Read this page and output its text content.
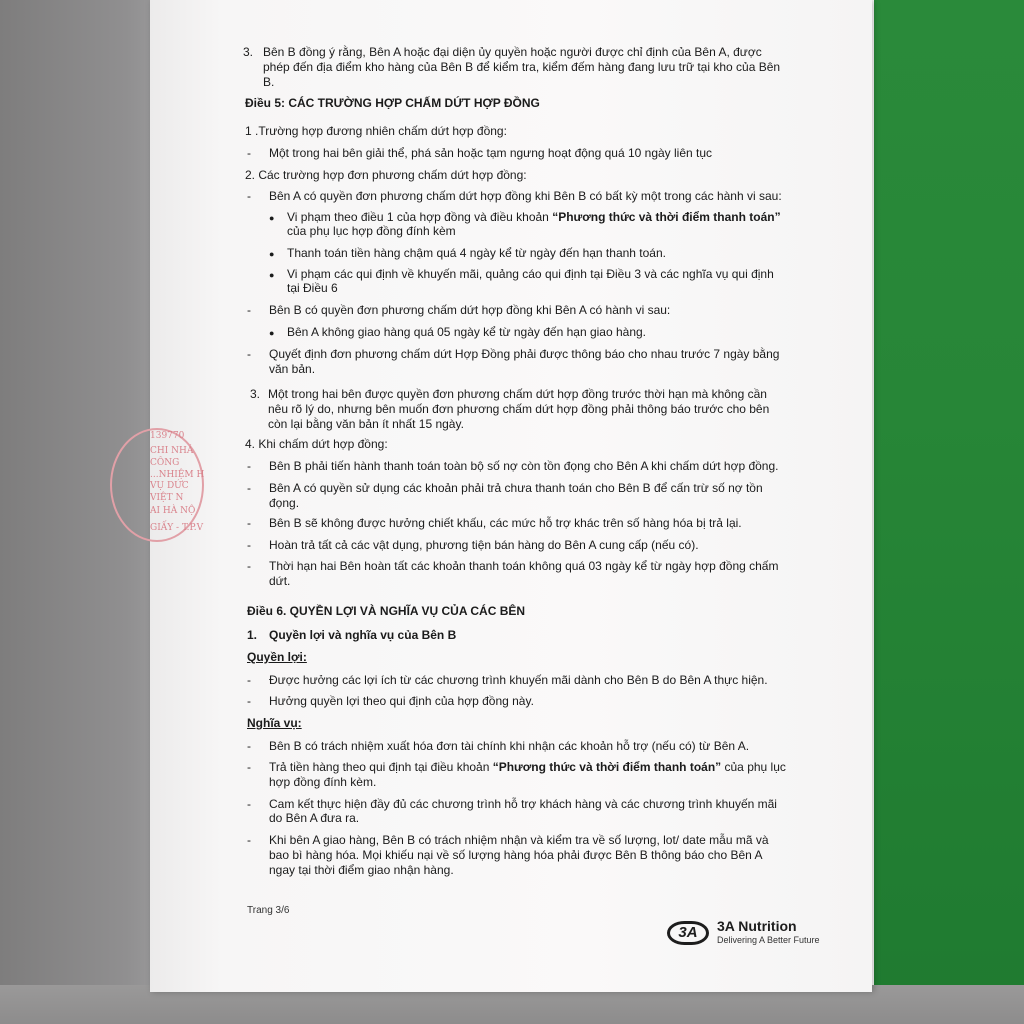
3. Bên B đồng ý rằng, Bên A hoặc đại diện ủy quyền hoặc người được chỉ định của Bên A, được
phép đến địa điểm kho hàng của Bên B để kiểm tra, kiểm đếm hàng đang lưu trữ tại kho của Bên
B.
Điều 5: CÁC TRƯỜNG HỢP CHẤM DỨT HỢP ĐỒNG
1 .Trường hợp đương nhiên chấm dứt hợp đồng:
- Một trong hai bên giải thể, phá sản hoặc tạm ngưng hoạt động quá 10 ngày liên tục
2. Các trường hợp đơn phương chấm dứt hợp đồng:
- Bên A có quyền đơn phương chấm dứt hợp đồng khi Bên B có bất kỳ một trong các hành vi sau:
● Vi phạm theo điều 1 của hợp đồng và điều khoản “Phương thức và thời điểm thanh toán”
của phụ lục hợp đồng đính kèm
● Thanh toán tiền hàng chậm quá 4 ngày kể từ ngày đến hạn thanh toán.
● Vi phạm các qui định về khuyến mãi, quảng cáo qui định tại Điều 3 và các nghĩa vụ qui định
tại Điều 6
- Bên B có quyền đơn phương chấm dứt hợp đồng khi Bên A có hành vi sau:
● Bên A không giao hàng quá 05 ngày kể từ ngày đến hạn giao hàng.
- Quyết định đơn phương chấm dứt Hợp Đồng phải được thông báo cho nhau trước 7 ngày bằng
văn bản.
3. Một trong hai bên được quyền đơn phương chấm dứt hợp đồng trước thời hạn mà không cần
nêu rõ lý do, nhưng bên muốn đơn phương chấm dứt hợp đồng phải thông báo trước cho bên
còn lại bằng văn bản ít nhất 15 ngày.
4. Khi chấm dứt hợp đồng:
- Bên B phải tiến hành thanh toán toàn bộ số nợ còn tồn đọng cho Bên A khi chấm dứt hợp đồng.
- Bên A có quyền sử dụng các khoản phải trả chưa thanh toán cho Bên B để cấn trừ số nợ tồn
đọng.
- Bên B sẽ không được hưởng chiết khấu, các mức hỗ trợ khác trên số hàng hóa bị trả lại.
- Hoàn trả tất cả các vật dụng, phương tiện bán hàng do Bên A cung cấp (nếu có).
- Thời hạn hai Bên hoàn tất các khoản thanh toán không quá 03 ngày kể từ ngày hợp đồng chấm
dứt.
Điều 6. QUYỀN LỢI VÀ NGHĨA VỤ CỦA CÁC BÊN
1. Quyền lợi và nghĩa vụ của Bên B
Quyền lợi:
- Được hưởng các lợi ích từ các chương trình khuyến mãi dành cho Bên B do Bên A thực hiện.
- Hưởng quyền lợi theo qui định của hợp đồng này.
Nghĩa vụ:
- Bên B có trách nhiệm xuất hóa đơn tài chính khi nhận các khoản hỗ trợ (nếu có) từ Bên A.
- Trả tiền hàng theo qui định tại điều khoản “Phương thức và thời điểm thanh toán” của phụ lục
hợp đồng đính kèm.
- Cam kết thực hiện đầy đủ các chương trình hỗ trợ khách hàng và các chương trình khuyến mãi
do Bên A đưa ra.
- Khi bên A giao hàng, Bên B có trách nhiệm nhận và kiểm tra về số lượng, lot/ date mẫu mã và
bao bì hàng hóa. Mọi khiếu nại về số lượng hàng hóa phải được Bên B thông báo cho Bên A
ngay tại thời điểm giao nhận hàng.
139770
CHI NHÁ
CÔNG
...NHIỆM H
VỤ DỨC
VIỆT N
AI HÀ NỘ
GIẤY - T.P.V
Trang 3/6
3A	3A Nutrition
Delivering A Better Future
